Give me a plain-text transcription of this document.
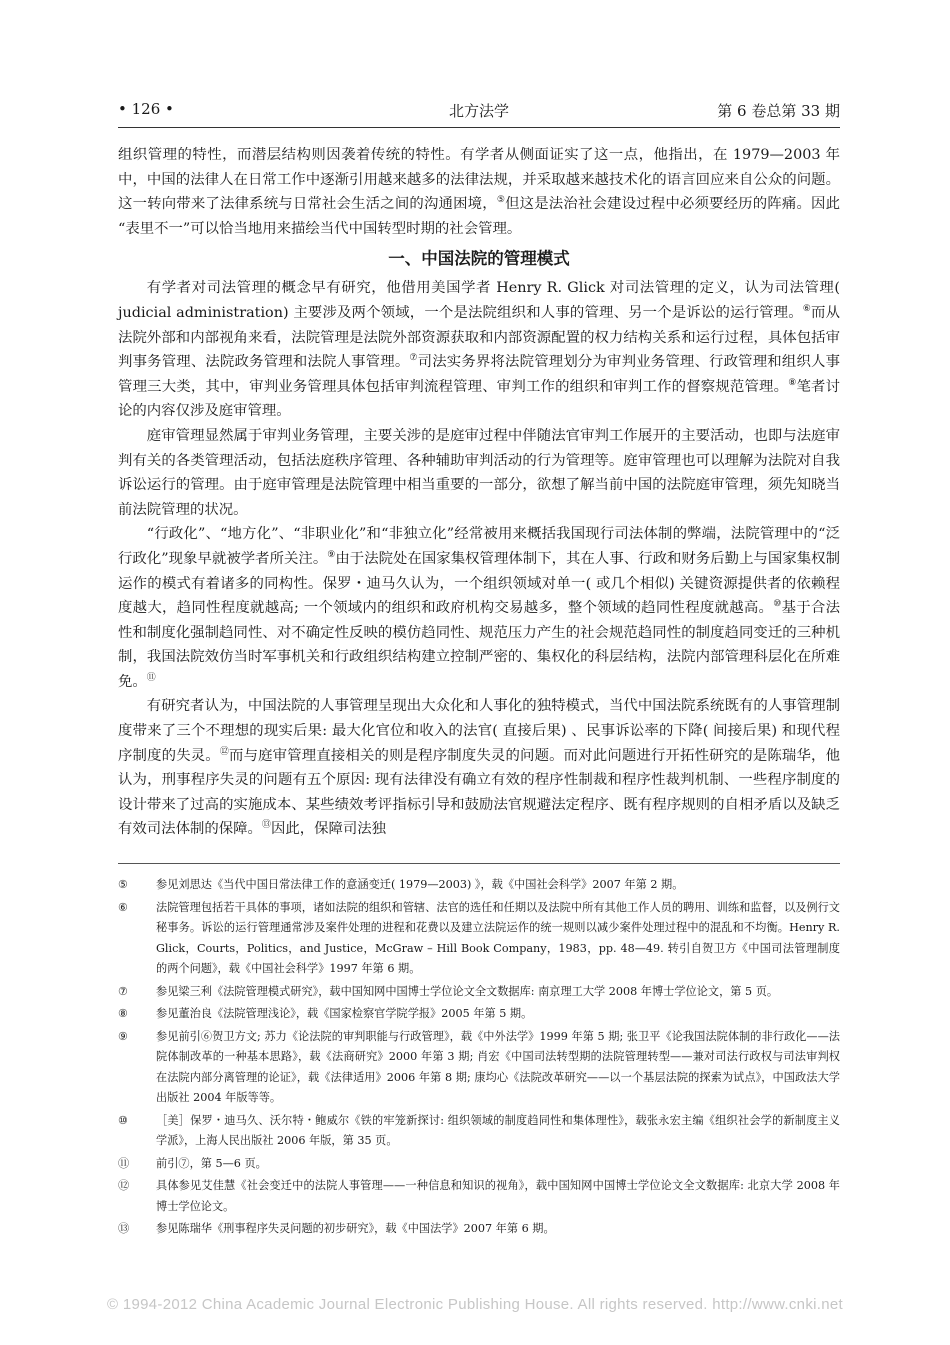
• 126 •	北方法学	第 6 卷总第 33 期

组织管理的特性，而潜层结构则因袭着传统的特性。有学者从侧面证实了这一点，他指出，在 1979—2003 年中，中国的法律人在日常工作中逐渐引用越来越多的法律法规，并采取越来越技术化的语言回应来自公众的问题。这一转向带来了法律系统与日常社会生活之间的沟通困境，⑤但这是法治社会建设过程中必须要经历的阵痛。因此 “表里不一”可以恰当地用来描绘当代中国转型时期的社会管理。

一、中国法院的管理模式

有学者对司法管理的概念早有研究，他借用美国学者 Henry R. Glick 对司法管理的定义，认为司法管理( judicial administration) 主要涉及两个领域，一个是法院组织和人事的管理、另一个是诉讼的运行管理。⑥而从法院外部和内部视角来看，法院管理是法院外部资源获取和内部资源配置的权力结构关系和运行过程，具体包括审判事务管理、法院政务管理和法院人事管理。⑦司法实务界将法院管理划分为审判业务管理、行政管理和组织人事管理三大类，其中，审判业务管理具体包括审判流程管理、审判工作的组织和审判工作的督察规范管理。⑧笔者讨论的内容仅涉及庭审管理。

庭审管理显然属于审判业务管理，主要关涉的是庭审过程中伴随法官审判工作展开的主要活动，也即与法庭审判有关的各类管理活动，包括法庭秩序管理、各种辅助审判活动的行为管理等。庭审管理也可以理解为法院对自我诉讼运行的管理。由于庭审管理是法院管理中相当重要的一部分，欲想了解当前中国的法院庭审管理，须先知晓当前法院管理的状况。

“行政化”、“地方化”、“非职业化”和“非独立化”经常被用来概括我国现行司法体制的弊端，法院管理中的“泛行政化”现象早就被学者所关注。⑨由于法院处在国家集权管理体制下，其在人事、行政和财务后勤上与国家集权制运作的模式有着诸多的同构性。保罗・迪马久认为，一个组织领域对单一( 或几个相似) 关键资源提供者的依赖程度越大，趋同性程度就越高; 一个领域内的组织和政府机构交易越多，整个领域的趋同性程度就越高。⑩基于合法性和制度化强制趋同性、对不确定性反映的模仿趋同性、规范压力产生的社会规范趋同性的制度趋同变迁的三种机制，我国法院效仿当时军事机关和行政组织结构建立控制严密的、集权化的科层结构，法院内部管理科层化在所难免。⑪

有研究者认为，中国法院的人事管理呈现出大众化和人事化的独特模式，当代中国法院系统既有的人事管理制度带来了三个不理想的现实后果: 最大化官位和收入的法官( 直接后果) 、民事诉讼率的下降( 间接后果) 和现代程序制度的失灵。⑫而与庭审管理直接相关的则是程序制度失灵的问题。而对此问题进行开拓性研究的是陈瑞华，他认为，刑事程序失灵的问题有五个原因: 现有法律没有确立有效的程序性制裁和程序性裁判机制、一些程序制度的设计带来了过高的实施成本、某些绩效考评指标引导和鼓励法官规避法定程序、既有程序规则的自相矛盾以及缺乏有效司法体制的保障。⑬因此，保障司法独

⑤ 参见刘思达《当代中国日常法律工作的意涵变迁( 1979—2003) 》，载《中国社会科学》2007 年第 2 期。
⑥ 法院管理包括若干具体的事项，诸如法院的组织和管辖、法官的选任和任期以及法院中所有其他工作人员的聘用、训练和监督，以及例行文秘事务。诉讼的运行管理通常涉及案件处理的进程和花费以及建立法院运作的统一规则以减少案件处理过程中的混乱和不均衡。Henry R. Glick，Courts，Politics，and Justice，McGraw – Hill Book Company，1983，pp. 48—49. 转引自贺卫方《中国司法管理制度的两个问题》，载《中国社会科学》1997 年第 6 期。
⑦ 参见梁三利《法院管理模式研究》，载中国知网中国博士学位论文全文数据库: 南京理工大学 2008 年博士学位论文，第 5 页。
⑧ 参见董治良《法院管理浅论》，载《国家检察官学院学报》2005 年第 5 期。
⑨ 参见前引⑥贺卫方文; 苏力《论法院的审判职能与行政管理》，载《中外法学》1999 年第 5 期; 张卫平《论我国法院体制的非行政化——法院体制改革的一种基本思路》，载《法商研究》2000 年第 3 期; 肖宏《中国司法转型期的法院管理转型——兼对司法行政权与司法审判权在法院内部分离管理的论证》，载《法律适用》2006 年第 8 期; 康均心《法院改革研究——以一个基层法院的探索为试点》，中国政法大学出版社 2004 年版等等。
⑩ ［美］保罗・迪马久、沃尔特・鲍威尔《铁的牢笼新探讨: 组织领域的制度趋同性和集体理性》，载张永宏主编《组织社会学的新制度主义学派》，上海人民出版社 2006 年版，第 35 页。
⑪ 前引⑦，第 5—6 页。
⑫ 具体参见艾佳慧《社会变迁中的法院人事管理——一种信息和知识的视角》，载中国知网中国博士学位论文全文数据库: 北京大学 2008 年博士学位论文。
⑬ 参见陈瑞华《刑事程序失灵问题的初步研究》，载《中国法学》2007 年第 6 期。
© 1994-2012 China Academic Journal Electronic Publishing House. All rights reserved. http://www.cnki.net
